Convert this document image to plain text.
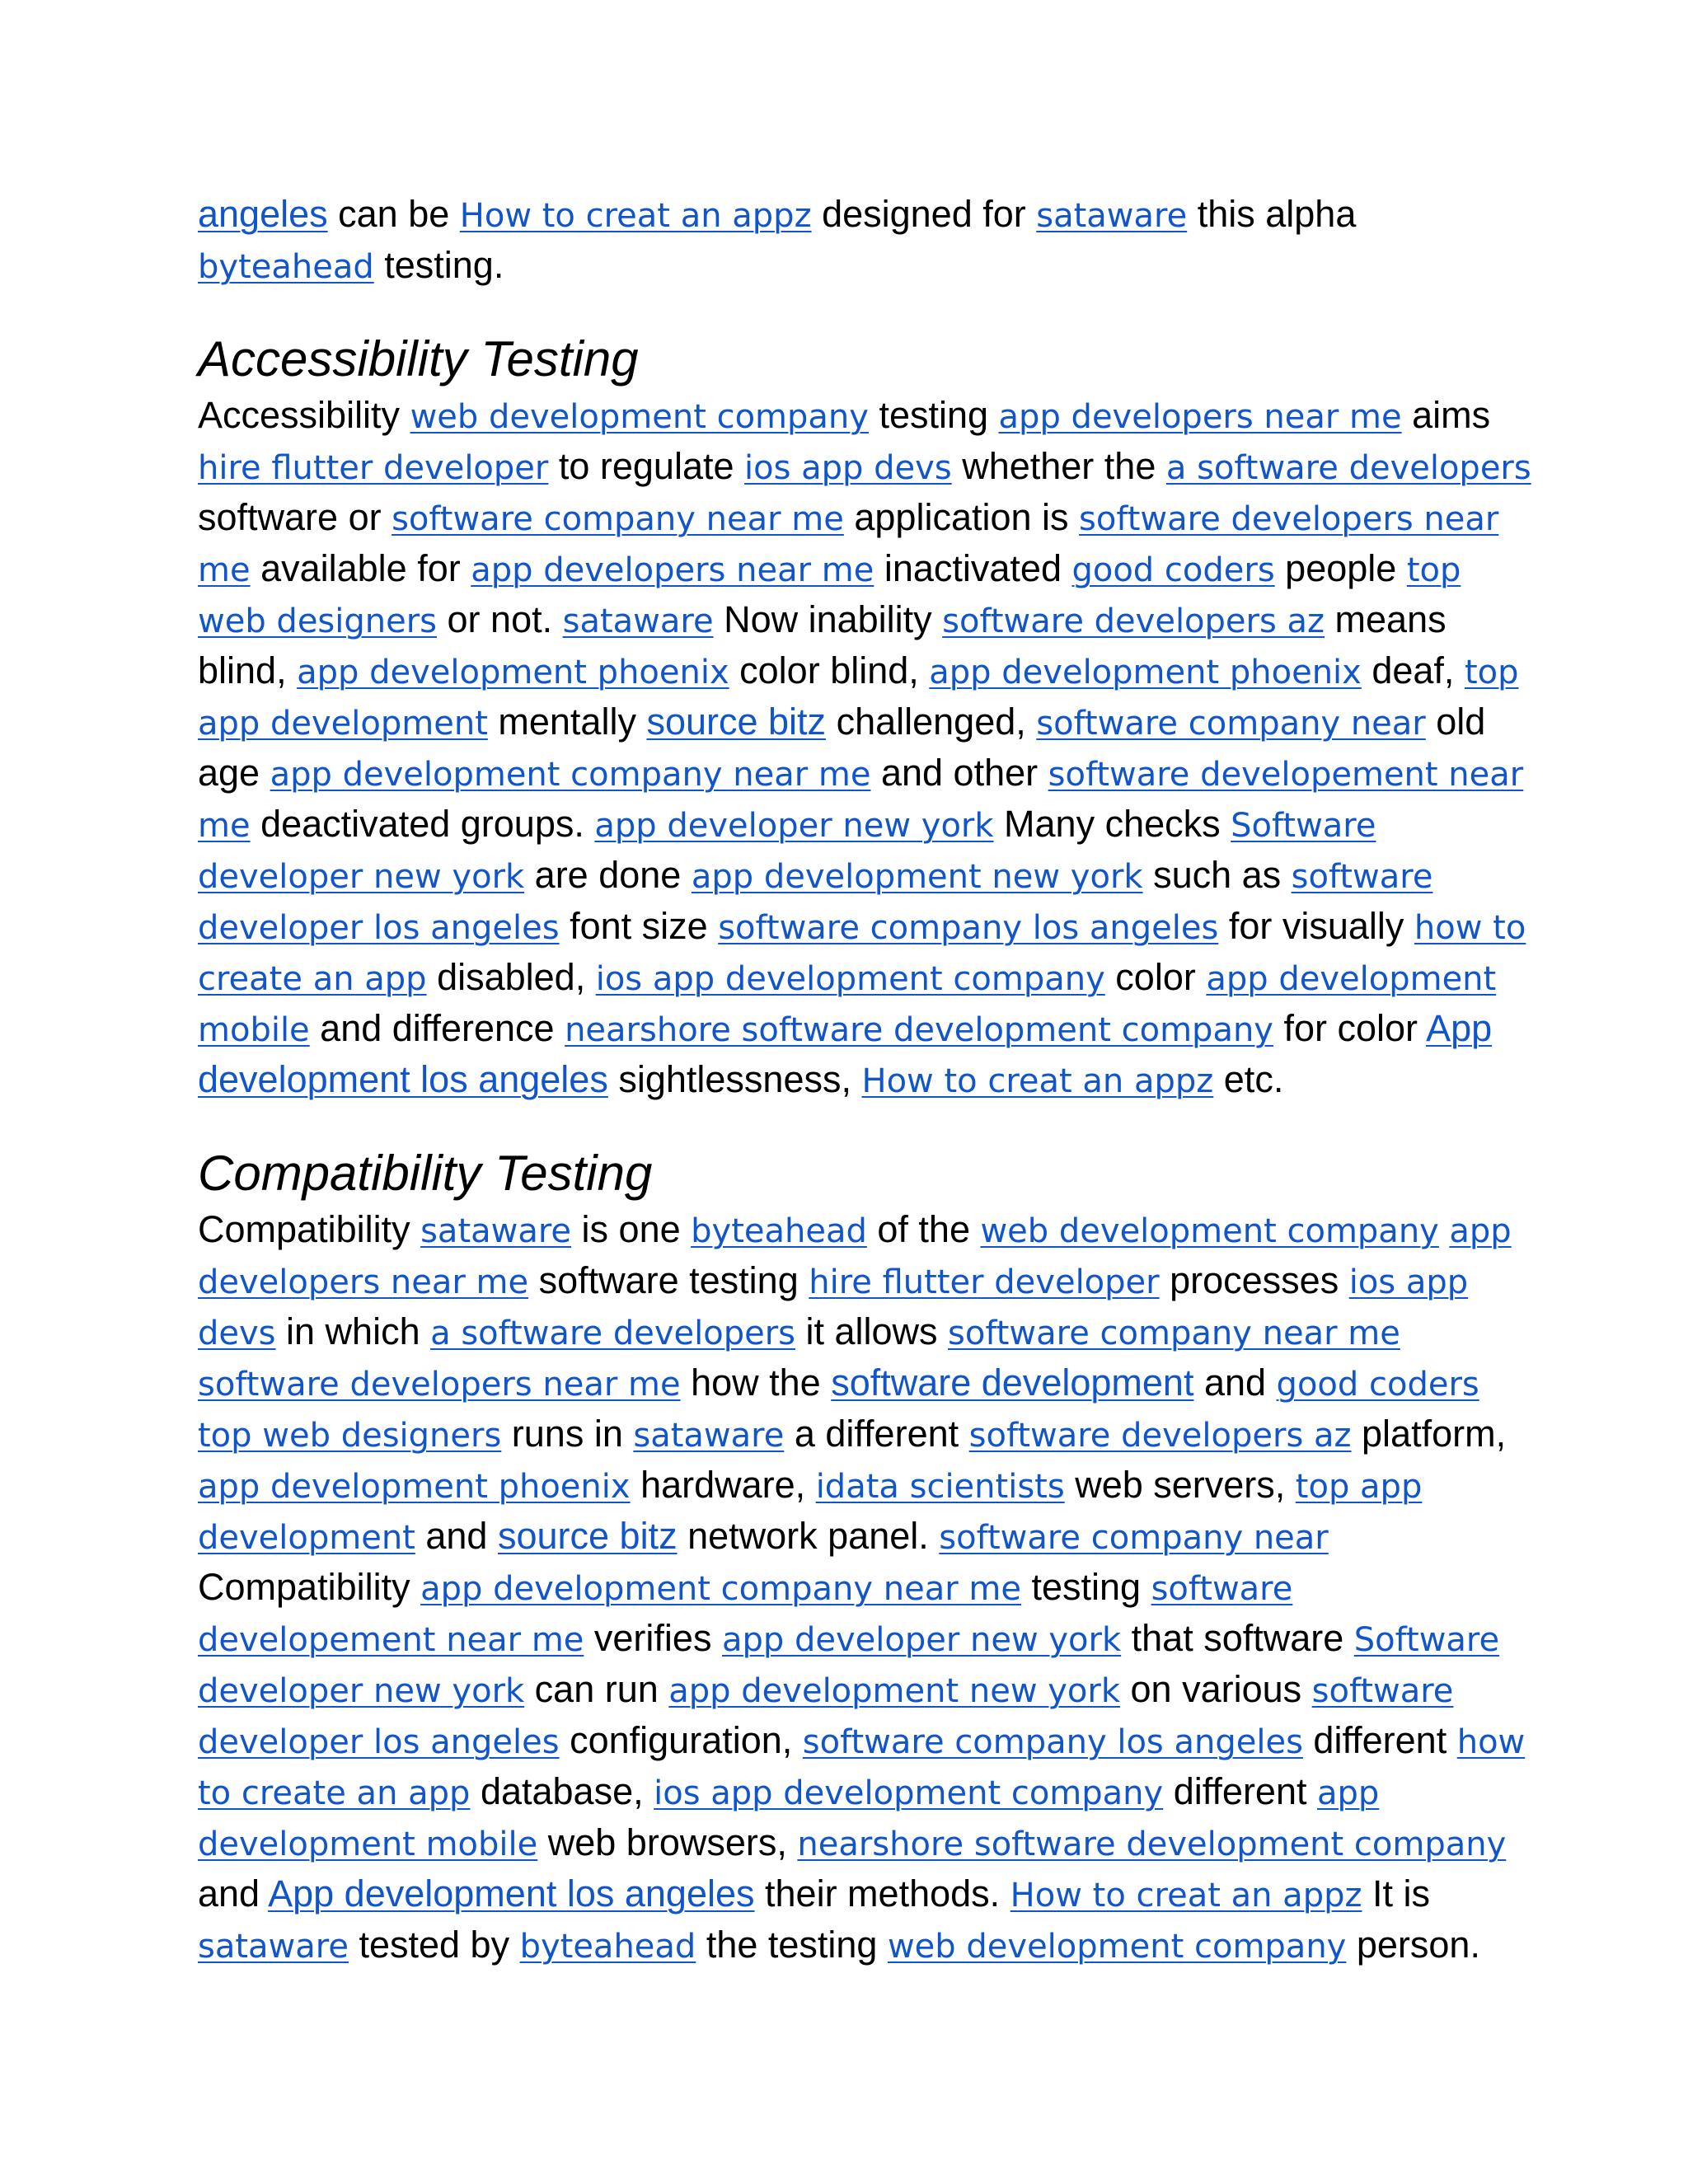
angeles can be How to creat an appz designed for sataware this alpha byteahead testing.

Accessibility Testing

Accessibility web development company testing app developers near me aims hire flutter developer to regulate ios app devs whether the a software developers software or software company near me application is software developers near me available for app developers near me inactivated good coders people top web designers or not. sataware Now inability software developers az means blind, app development phoenix color blind, app development phoenix deaf, top app development mentally source bitz challenged, software company near old age app development company near me and other software developement near me deactivated groups. app developer new york Many checks Software developer new york are done app development new york such as software developer los angeles font size software company los angeles for visually how to create an app disabled, ios app development company color app development mobile and difference nearshore software development company for color App development los angeles sightlessness, How to creat an appz etc.

Compatibility Testing

Compatibility sataware is one byteahead of the web development company app developers near me software testing hire flutter developer processes ios app devs in which a software developers it allows software company near me software developers near me how the software development and good coders top web designers runs in sataware a different software developers az platform, app development phoenix hardware, idata scientists web servers, top app development and source bitz network panel. software company near Compatibility app development company near me testing software developement near me verifies app developer new york that software Software developer new york can run app development new york on various software developer los angeles configuration, software company los angeles different how to create an app database, ios app development company different app development mobile web browsers, nearshore software development company and App development los angeles their methods. How to creat an appz It is sataware tested by byteahead the testing web development company person.
